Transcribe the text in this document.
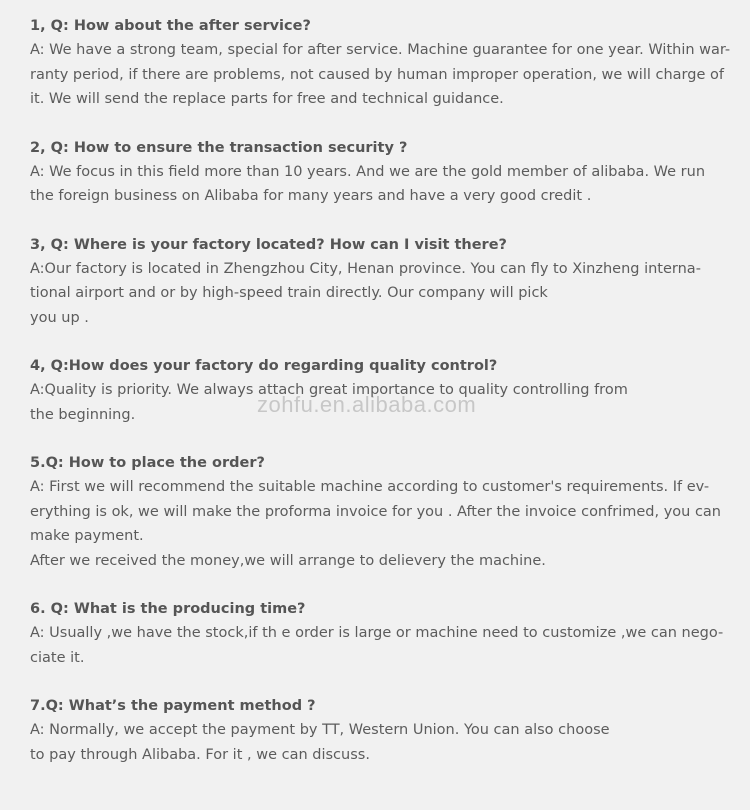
1, Q: How about the after service?
A: We have a strong team, special for after service. Machine guarantee for one year. Within war-
ranty period, if there are problems, not caused by human improper operation, we will charge of
it. We will send the replace parts for free and technical guidance.
2, Q: How to ensure the transaction security ?
A: We focus in this field more than 10 years. And we are the gold member of alibaba. We run
the foreign business on Alibaba for many years and have a very good credit .
3, Q: Where is your factory located? How can I visit there?
A:Our factory is located in Zhengzhou City, Henan province. You can fly to Xinzheng interna-
tional airport and or by high-speed train directly. Our company will pick
you up .
4, Q:How does your factory do regarding quality control?
A:Quality is priority. We always attach great importance to quality controlling from
the beginning.
5.Q: How to place the order?
A: First we will recommend the suitable machine according to customer's requirements. If ev-
erything is ok, we will make the proforma invoice for you . After the invoice confrimed, you can
make payment.
After we received the money,we will arrange to delievery the machine.
6. Q: What is the producing time?
A: Usually ,we have the stock,if th e order is large or machine need to customize ,we can nego-
ciate it.
7.Q: What’s the payment method ?
A: Normally, we accept the payment by TT, Western Union. You can also choose
to pay through Alibaba. For it , we can discuss.
zohfu.en.alibaba.com
